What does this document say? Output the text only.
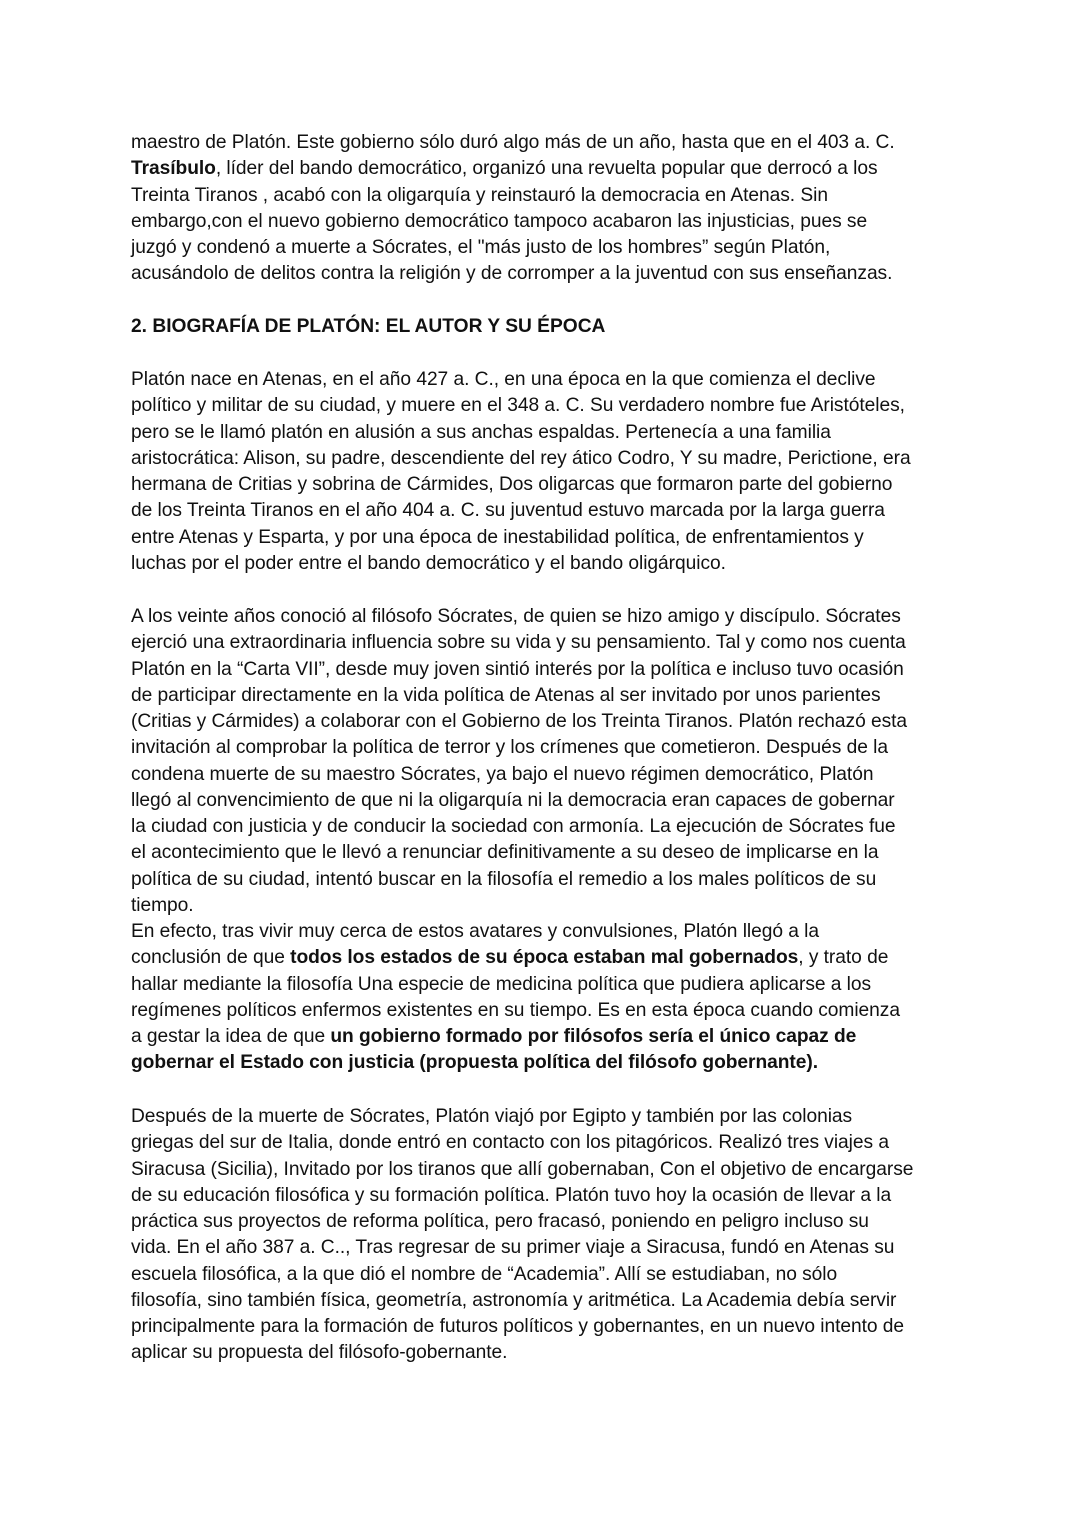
maestro de Platón. Este gobierno sólo duró algo más de un año, hasta que en el 403 a. C.
Trasíbulo, líder del bando democrático, organizó una revuelta popular que derrocó a los
Treinta Tiranos , acabó con la oligarquía y reinstauró la democracia en Atenas. Sin
embargo,con el nuevo gobierno democrático tampoco acabaron las injusticias, pues se
juzgó y condenó a muerte a Sócrates, el "más justo de los hombres” según Platón,
acusándolo de delitos contra la religión y de corromper a la juventud con sus enseñanzas.
2. BIOGRAFÍA DE PLATÓN: EL AUTOR Y SU ÉPOCA
Platón nace en Atenas, en el año 427 a. C., en una época en la que comienza el declive
político y militar de su ciudad, y muere en el 348 a. C. Su verdadero nombre fue Aristóteles,
pero se le llamó platón en alusión a sus anchas espaldas. Pertenecía a una familia
aristocrática: Alison, su padre, descendiente del rey ático Codro, Y su madre, Perictione, era
hermana de Critias y sobrina de Cármides, Dos oligarcas que formaron parte del gobierno
de los Treinta Tiranos en el año 404 a. C. su juventud estuvo marcada por la larga guerra
entre Atenas y Esparta, y por una época de inestabilidad política, de enfrentamientos y
luchas por el poder entre el bando democrático y el bando oligárquico.
A los veinte años conoció al filósofo Sócrates, de quien se hizo amigo y discípulo. Sócrates
ejerció una extraordinaria influencia sobre su vida y su pensamiento. Tal y como nos cuenta
Platón en la “Carta VII”, desde muy joven sintió interés por la política e incluso tuvo ocasión
de participar directamente en la vida política de Atenas al ser invitado por unos parientes
(Critias y Cármides) a colaborar con el Gobierno de los Treinta Tiranos. Platón rechazó esta
invitación al comprobar la política de terror y los crímenes que cometieron. Después de la
condena muerte de su maestro Sócrates, ya bajo el nuevo régimen democrático, Platón
llegó al convencimiento de que ni la oligarquía ni la democracia eran capaces de gobernar
la ciudad con justicia y de conducir la sociedad con armonía. La ejecución de Sócrates fue
el acontecimiento que le llevó a renunciar definitivamente a su deseo de implicarse en la
política de su ciudad, intentó buscar en la filosofía el remedio a los males políticos de su
tiempo.
En efecto, tras vivir muy cerca de estos avatares y convulsiones, Platón llegó a la
conclusión de que todos los estados de su época estaban mal gobernados, y trato de
hallar mediante la filosofía Una especie de medicina política que pudiera aplicarse a los
regímenes políticos enfermos existentes en su tiempo. Es en esta época cuando comienza
a gestar la idea de que un gobierno formado por filósofos sería el único capaz de
gobernar el Estado con justicia (propuesta política del filósofo gobernante).
Después de la muerte de Sócrates, Platón viajó por Egipto y también por las colonias
griegas del sur de Italia, donde entró en contacto con los pitagóricos. Realizó tres viajes a
Siracusa (Sicilia), Invitado por los tiranos que allí gobernaban, Con el objetivo de encargarse
de su educación filosófica y su formación política. Platón tuvo hoy la ocasión de llevar a la
práctica sus proyectos de reforma política, pero fracasó, poniendo en peligro incluso su
vida. En el año 387 a. C.., Tras regresar de su primer viaje a Siracusa, fundó en Atenas su
escuela filosófica, a la que dió el nombre de “Academia”. Allí se estudiaban, no sólo
filosofía, sino también física, geometría, astronomía y aritmética. La Academia debía servir
principalmente para la formación de futuros políticos y gobernantes, en un nuevo intento de
aplicar su propuesta del filósofo-gobernante.
